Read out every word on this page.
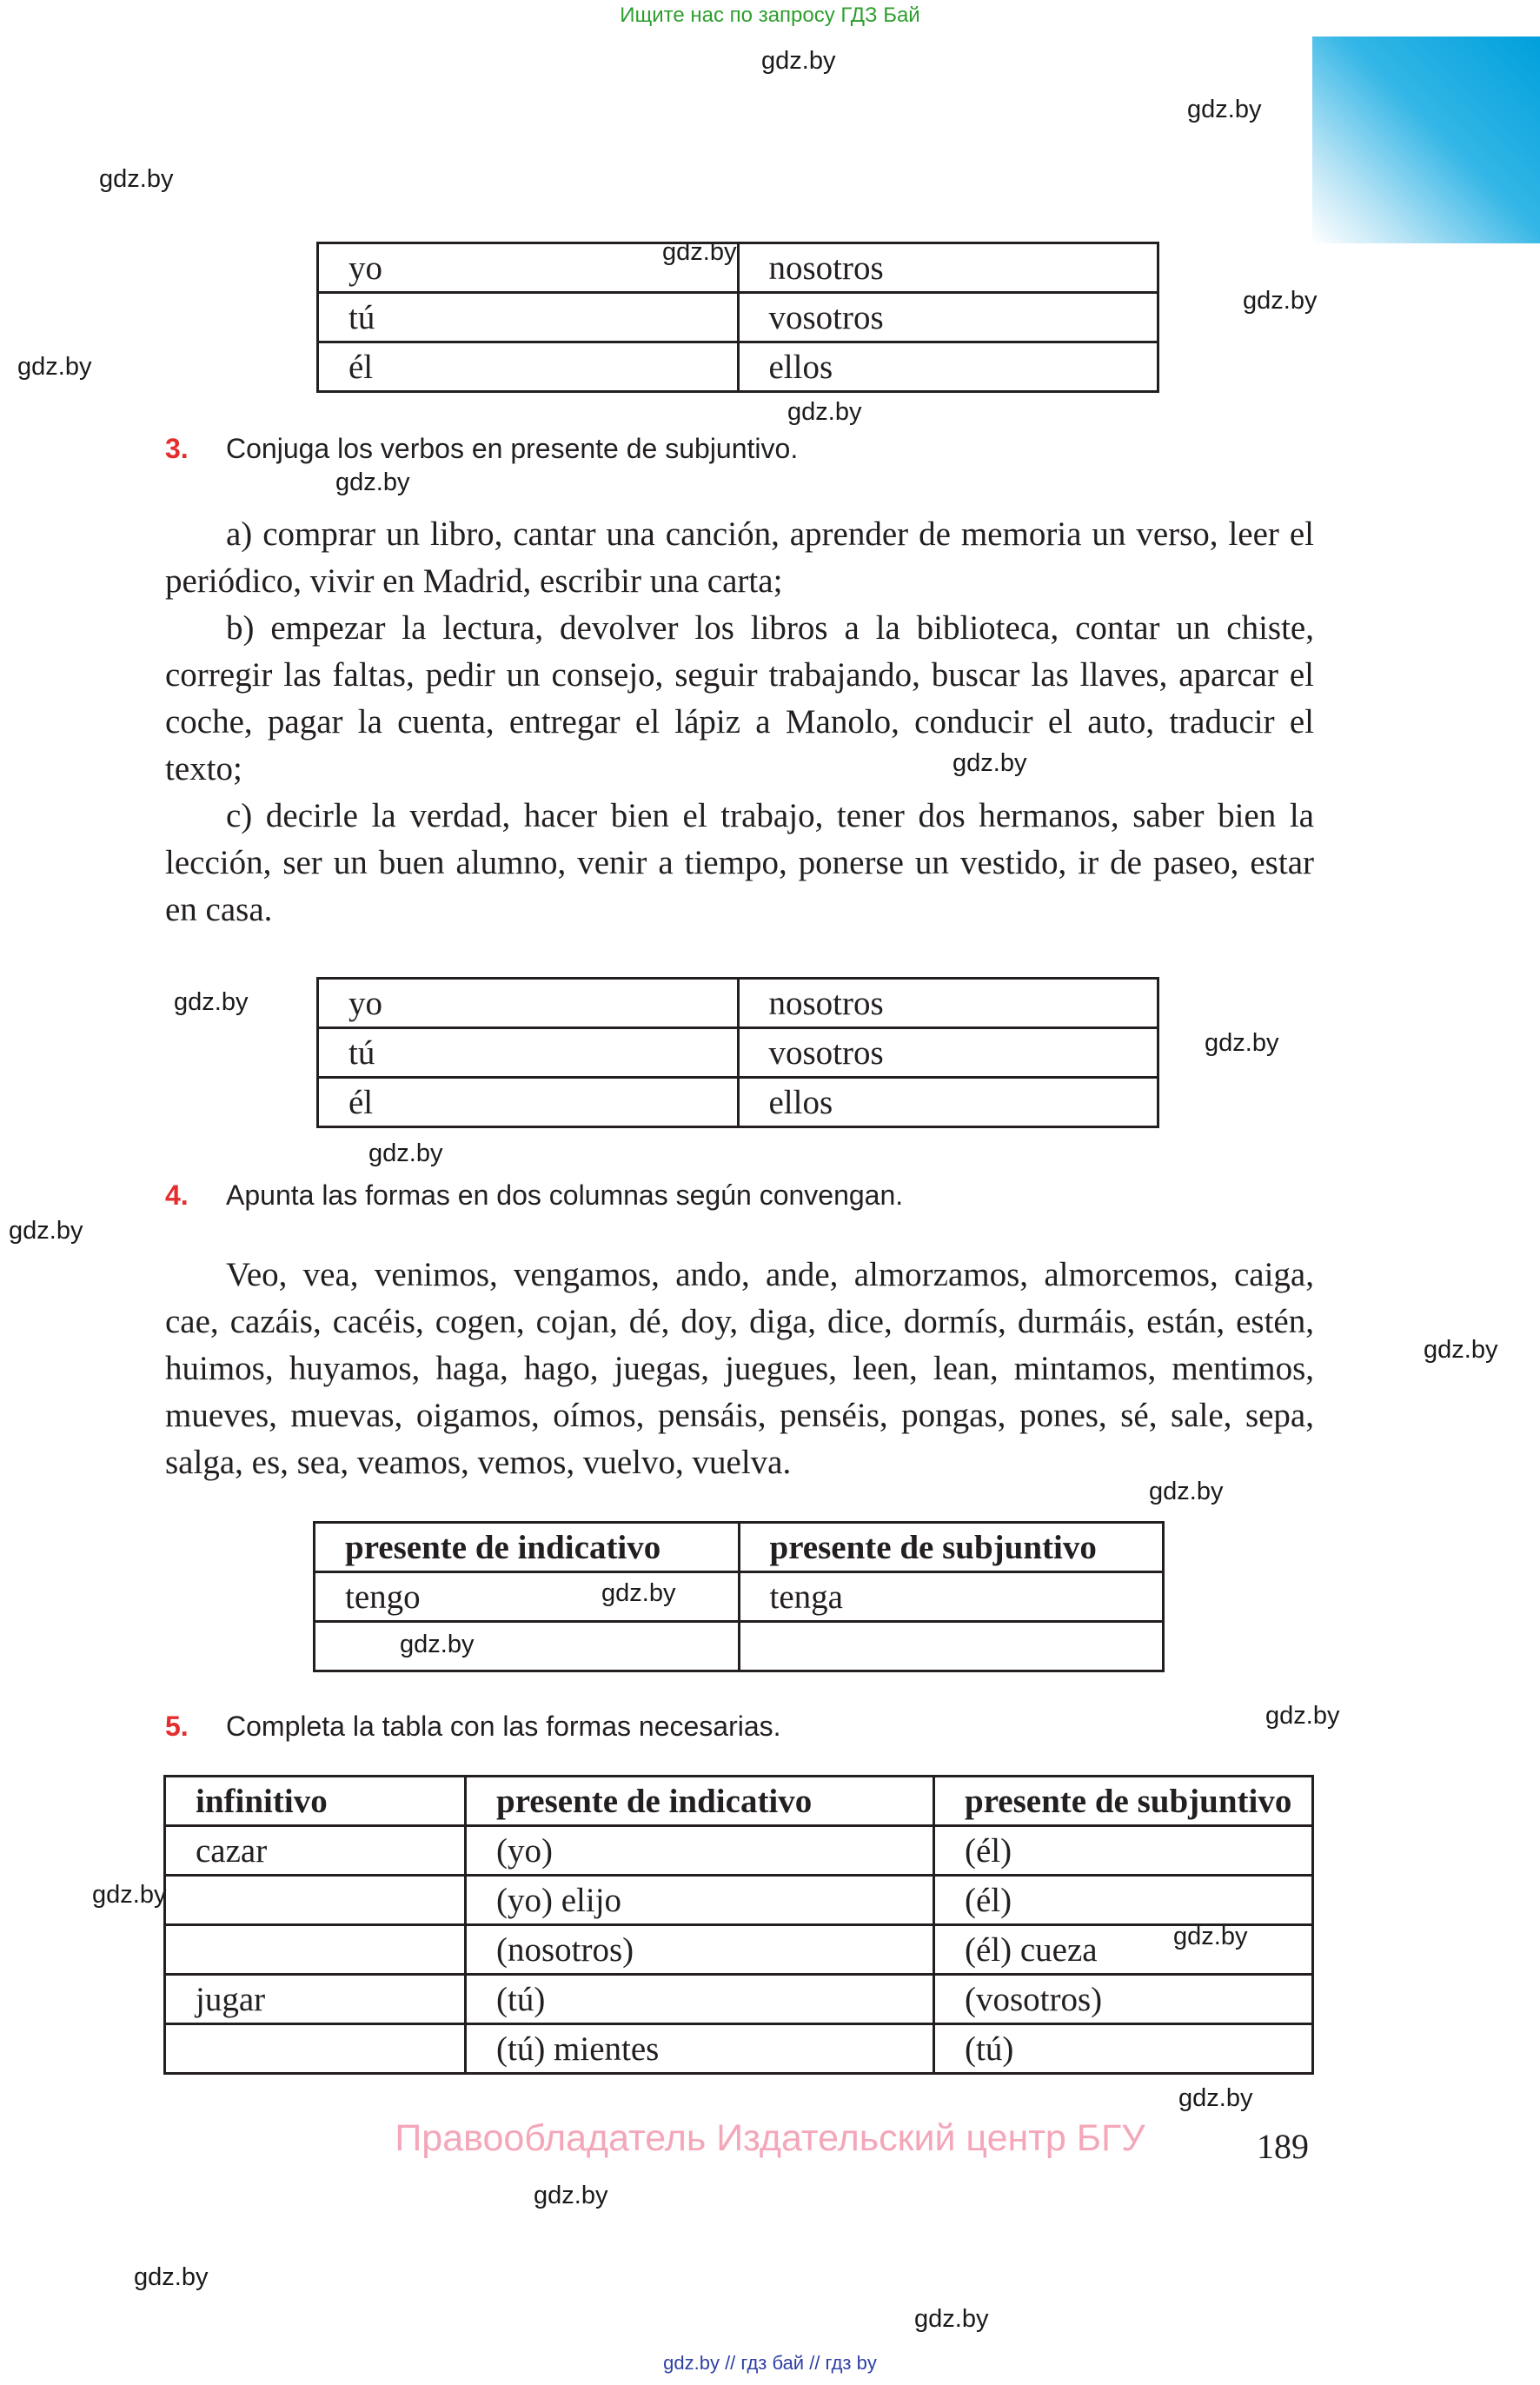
Ищите нас по запросу ГДЗ Бай
gdz.by
gdz.by
gdz.by
gdz.by
gdz.by
gdz.by
gdz.by
gdz.by
gdz.by
gdz.by
gdz.by
gdz.by
gdz.by
gdz.by
gdz.by
gdz.by
gdz.by
gdz.by
gdz.by
gdz.by
gdz.by
gdz.by
gdz.by
gdz.by
yo	nosotros
tú	vosotros
él	ellos
3. Conjuga los verbos en presente de subjuntivo.

a) comprar un libro, cantar una canción, aprender de memoria un verso, leer el periódico, vivir en Madrid, escribir una carta;

b) empezar la lectura, devolver los libros a la biblioteca, contar un chiste, corregir las faltas, pedir un consejo, seguir trabajando, buscar las llaves, aparcar el coche, pagar la cuenta, entregar el lápiz a Manolo, conducir el auto, traducir el texto;

c) decirle la verdad, hacer bien el trabajo, tener dos hermanos, saber bien la lección, ser un buen alumno, venir a tiempo, ponerse un vestido, ir de paseo, estar en casa.

yo	nosotros
tú	vosotros
él	ellos
4. Apunta las formas en dos columnas según convengan.

Veo, vea, venimos, vengamos, ando, ande, almorzamos, almorcemos, caiga, cae, cazáis, cacéis, cogen, cojan, dé, doy, diga, dice, dormís, durmáis, están, estén, huimos, huyamos, haga, hago, juegas, juegues, leen, lean, mintamos, mentimos, mueves, muevas, oigamos, oímos, pensáis, penséis, pongas, pones, sé, sale, sepa, salga, es, sea, veamos, vemos, vuelvo, vuelva.

presente de indicativo	presente de subjuntivo
tengo	tenga

5. Completa la tabla con las formas necesarias.
infinitivo	presente de indicativo	presente de subjuntivo
cazar	(yo)	(él)
	(yo) elijo	(él)
	(nosotros)	(él) cueza
jugar	(tú)	(vosotros)
	(tú) mientes	(tú)
Правообладатель Издательский центр БГУ	189
gdz.by // гдз бай // гдз by
